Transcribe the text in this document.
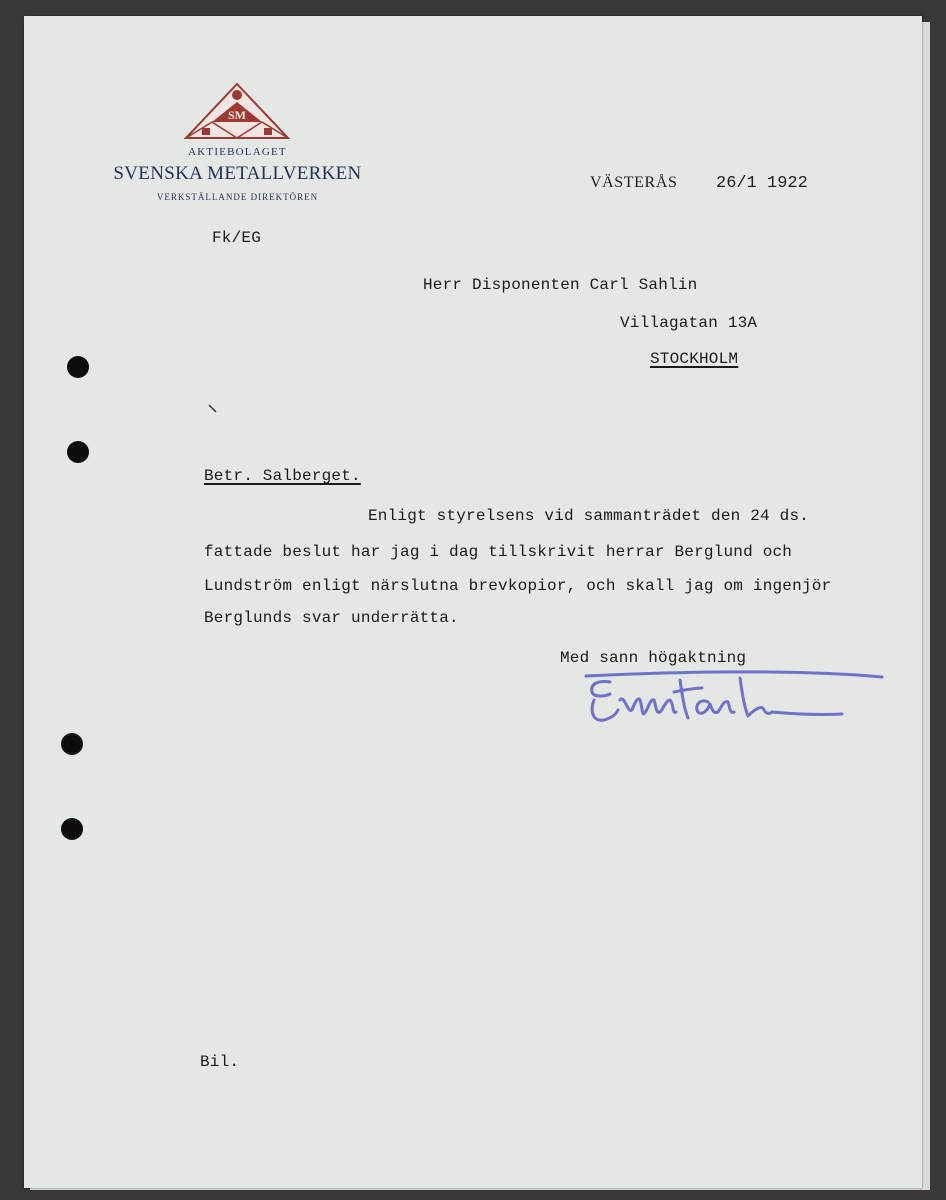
SM
AKTIEBOLAGET
SVENSKA METALLVERKEN
VERKSTÄLLANDE DIREKTÖREN
VÄSTERÅS 26/1 1922
Fk/EG
Herr Disponenten Carl Sahlin
Villagatan 13A
STOCKHOLM
Betr. Salberget.
Enligt styrelsens vid sammanträdet den 24 ds.
fattade beslut har jag i dag tillskrivit herrar Berglund och
Lundström enligt närslutna brevkopior, och skall jag om ingenjör
Berglunds svar underrätta.
Med sann högaktning
Bil.
